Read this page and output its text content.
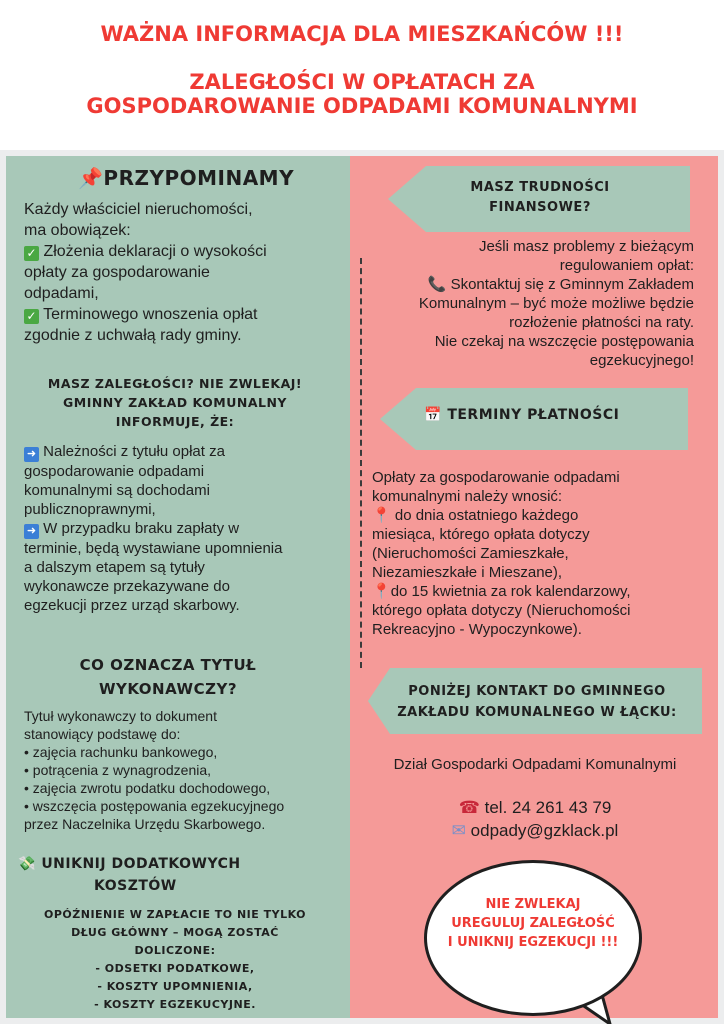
WAŻNA INFORMACJA DLA MIESZKAŃCÓW !!!
ZALEGŁOŚCI W OPŁATACH ZA
GOSPODAROWANIE ODPADAMI KOMUNALNYMI
📌PRZYPOMINAMY
Każdy właściciel nieruchomości,
ma obowiązek:
✓ Złożenia deklaracji o wysokości
opłaty za gospodarowanie
odpadami,
✓ Terminowego wnoszenia opłat
zgodnie z uchwałą rady gminy.
MASZ ZALEGŁOŚCI? NIE ZWLEKAJ!
GMINNY ZAKŁAD KOMUNALNY
INFORMUJE, ŻE:
➜ Należności z tytułu opłat za
gospodarowanie odpadami
komunalnymi są dochodami
publicznoprawnymi,
➜ W przypadku braku zapłaty w
terminie, będą wystawiane upomnienia
a dalszym etapem są tytuły
wykonawcze przekazywane do
egzekucji przez urząd skarbowy.
CO OZNACZA TYTUŁ
WYKONAWCZY?
Tytuł wykonawczy to dokument
stanowiący podstawę do:
• zajęcia rachunku bankowego,
• potrącenia z wynagrodzenia,
• zajęcia zwrotu podatku dochodowego,
• wszczęcia postępowania egzekucyjnego
przez Naczelnika Urzędu Skarbowego.
💸 UNIKNIJ DODATKOWYCH
KOSZTÓW
OPÓŹNIENIE W ZAPŁACIE TO NIE TYLKO
DŁUG GŁÓWNY – MOGĄ ZOSTAĆ
DOLICZONE:
- ODSETKI PODATKOWE,
- KOSZTY UPOMNIENIA,
- KOSZTY EGZEKUCYJNE.
MASZ TRUDNOŚCI
FINANSOWE?
Jeśli masz problemy z bieżącym
regulowaniem opłat:
📞 Skontaktuj się z Gminnym Zakładem
Komunalnym – być może możliwe będzie
rozłożenie płatności na raty.
Nie czekaj na wszczęcie postępowania
egzekucyjnego!
📅 TERMINY PŁATNOŚCI
Opłaty za gospodarowanie odpadami
komunalnymi należy wnosić:
📍 do dnia ostatniego każdego
miesiąca, którego opłata dotyczy
(Nieruchomości Zamieszkałe,
Niezamieszkałe i Mieszane),
📍do 15 kwietnia za rok kalendarzowy,
którego opłata dotyczy (Nieruchomości
Rekreacyjno - Wypoczynkowe).
PONIŻEJ KONTAKT DO GMINNEGO
ZAKŁADU KOMUNALNEGO W ŁĄCKU:
Dział Gospodarki Odpadami Komunalnymi
☎ tel. 24 261 43 79
✉ odpady@gzklack.pl
NIE ZWLEKAJ
UREGULUJ ZALEGŁOŚĆ
I UNIKNIJ EGZEKUCJI !!!
